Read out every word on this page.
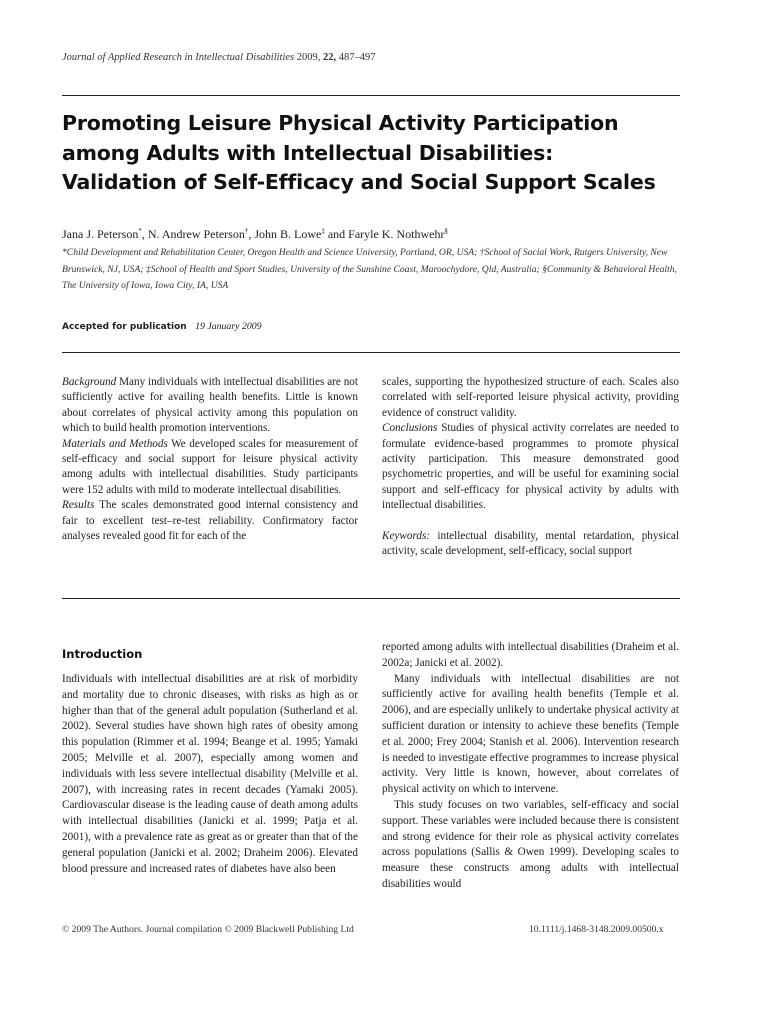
Journal of Applied Research in Intellectual Disabilities 2009, 22, 487–497
Promoting Leisure Physical Activity Participation among Adults with Intellectual Disabilities: Validation of Self-Efficacy and Social Support Scales
Jana J. Peterson*, N. Andrew Peterson†, John B. Lowe‡ and Faryle K. Nothwehr§
*Child Development and Rehabilitation Center, Oregon Health and Science University, Portland, OR, USA; †School of Social Work, Rutgers University, New Brunswick, NJ, USA; ‡School of Health and Sport Studies, University of the Sunshine Coast, Maroochydore, Qld, Australia; §Community & Behavioral Health, The University of Iowa, Iowa City, IA, USA
Accepted for publication 19 January 2009

Background Many individuals with intellectual disabilities are not sufficiently active for availing health benefits. Little is known about correlates of physical activity among this population on which to build health promotion interventions.

Materials and Methods We developed scales for measurement of self-efficacy and social support for leisure physical activity among adults with intellectual disabilities. Study participants were 152 adults with mild to moderate intellectual disabilities.

Results The scales demonstrated good internal consistency and fair to excellent test–re-test reliability. Confirmatory factor analyses revealed good fit for each of the

scales, supporting the hypothesized structure of each. Scales also correlated with self-reported leisure physical activity, providing evidence of construct validity.

Conclusions Studies of physical activity correlates are needed to formulate evidence-based programmes to promote physical activity participation. This measure demonstrated good psychometric properties, and will be useful for examining social support and self-efficacy for physical activity by adults with intellectual disabilities.

Keywords: intellectual disability, mental retardation, physical activity, scale development, self-efficacy, social support

Introduction

Individuals with intellectual disabilities are at risk of morbidity and mortality due to chronic diseases, with risks as high as or higher than that of the general adult population (Sutherland et al. 2002). Several studies have shown high rates of obesity among this population (Rimmer et al. 1994; Beange et al. 1995; Yamaki 2005; Melville et al. 2007), especially among women and individuals with less severe intellectual disability (Melville et al. 2007), with increasing rates in recent decades (Yamaki 2005). Cardiovascular disease is the leading cause of death among adults with intellectual disabilities (Janicki et al. 1999; Patja et al. 2001), with a prevalence rate as great as or greater than that of the general population (Janicki et al. 2002; Draheim 2006). Elevated blood pressure and increased rates of diabetes have also been

reported among adults with intellectual disabilities (Draheim et al. 2002a; Janicki et al. 2002).

Many individuals with intellectual disabilities are not sufficiently active for availing health benefits (Temple et al. 2006), and are especially unlikely to undertake physical activity at sufficient duration or intensity to achieve these benefits (Temple et al. 2000; Frey 2004; Stanish et al. 2006). Intervention research is needed to investigate effective programmes to increase physical activity. Very little is known, however, about correlates of physical activity on which to intervene.

This study focuses on two variables, self-efficacy and social support. These variables were included because there is consistent and strong evidence for their role as physical activity correlates across populations (Sallis & Owen 1999). Developing scales to measure these constructs among adults with intellectual disabilities would

© 2009 The Authors. Journal compilation © 2009 Blackwell Publishing Ltd	10.1111/j.1468-3148.2009.00500.x
